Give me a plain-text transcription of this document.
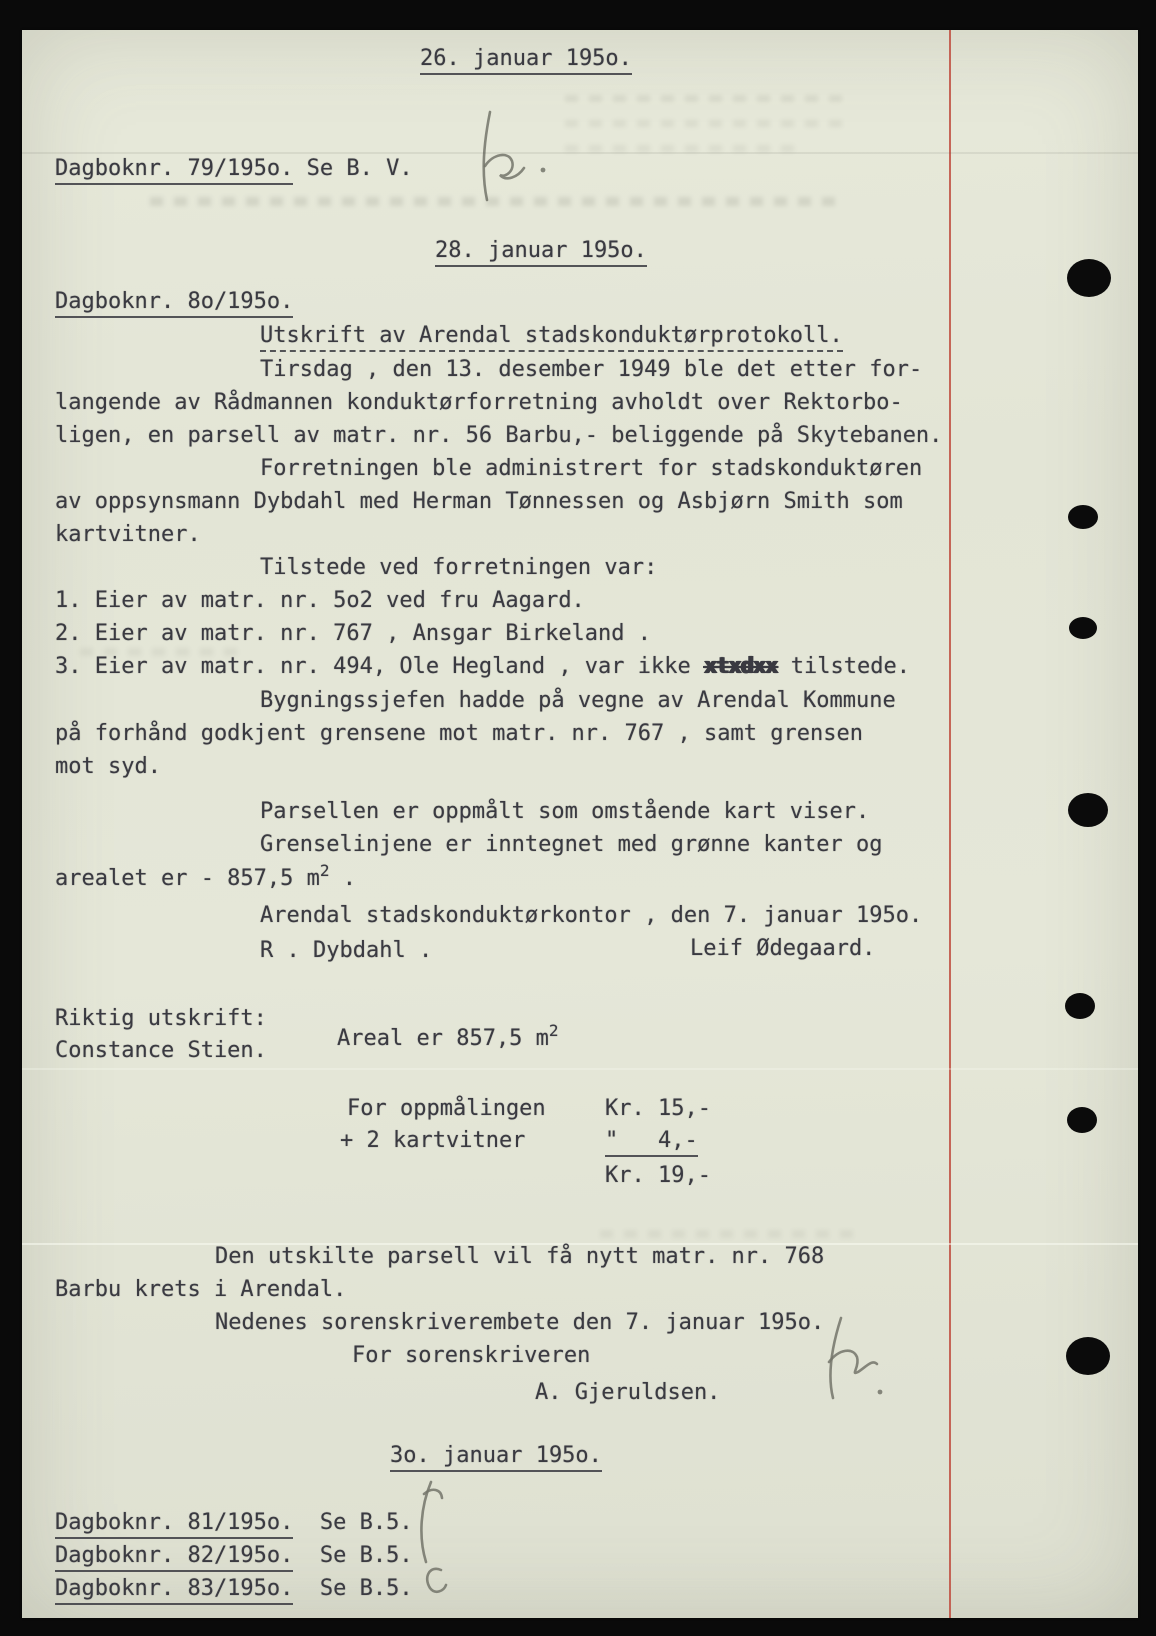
26. januar 195o.
Dagboknr. 79/195o. Se B. V.
28. januar 195o.
Dagboknr. 8o/195o.
Utskrift av Arendal stadskonduktørprotokoll.
Tirsdag , den 13. desember 1949 ble det etter for-
langende av Rådmannen konduktørforretning avholdt over Rektorbo-
ligen, en parsell av matr. nr. 56 Barbu,- beliggende på Skytebanen.
Forretningen ble administrert for stadskonduktøren
av oppsynsmann Dybdahl med Herman Tønnessen og Asbjørn Smith som
kartvitner.
Tilstede ved forretningen var:
1. Eier av matr. nr. 5o2 ved fru Aagard.
2. Eier av matr. nr. 767 , Ansgar Birkeland .
3. Eier av matr. nr. 494, Ole Hegland , var ikke xtxdxx tilstede.
Bygningssjefen hadde på vegne av Arendal Kommune
på forhånd godkjent grensene mot matr. nr. 767 , samt grensen
mot syd.
Parsellen er oppmålt som omstående kart viser.
Grenselinjene er inntegnet med grønne kanter og
arealet er - 857,5 m2 .
Arendal stadskonduktørkontor , den 7. januar 195o.
R . Dybdahl .	Leif Ødegaard.
Riktig utskrift:
Constance Stien.	Areal er 857,5 m2
For oppmålingen	Kr. 15,-
+ 2 kartvitner	"   4,-
Kr. 19,-
Den utskilte parsell vil få nytt matr. nr. 768
Barbu krets i Arendal.
Nedenes sorenskriverembete den 7. januar 195o.
For sorenskriveren
A. Gjeruldsen.
3o. januar 195o.
Dagboknr. 81/195o.  Se B.5.
Dagboknr. 82/195o.  Se B.5.
Dagboknr. 83/195o.  Se B.5.
